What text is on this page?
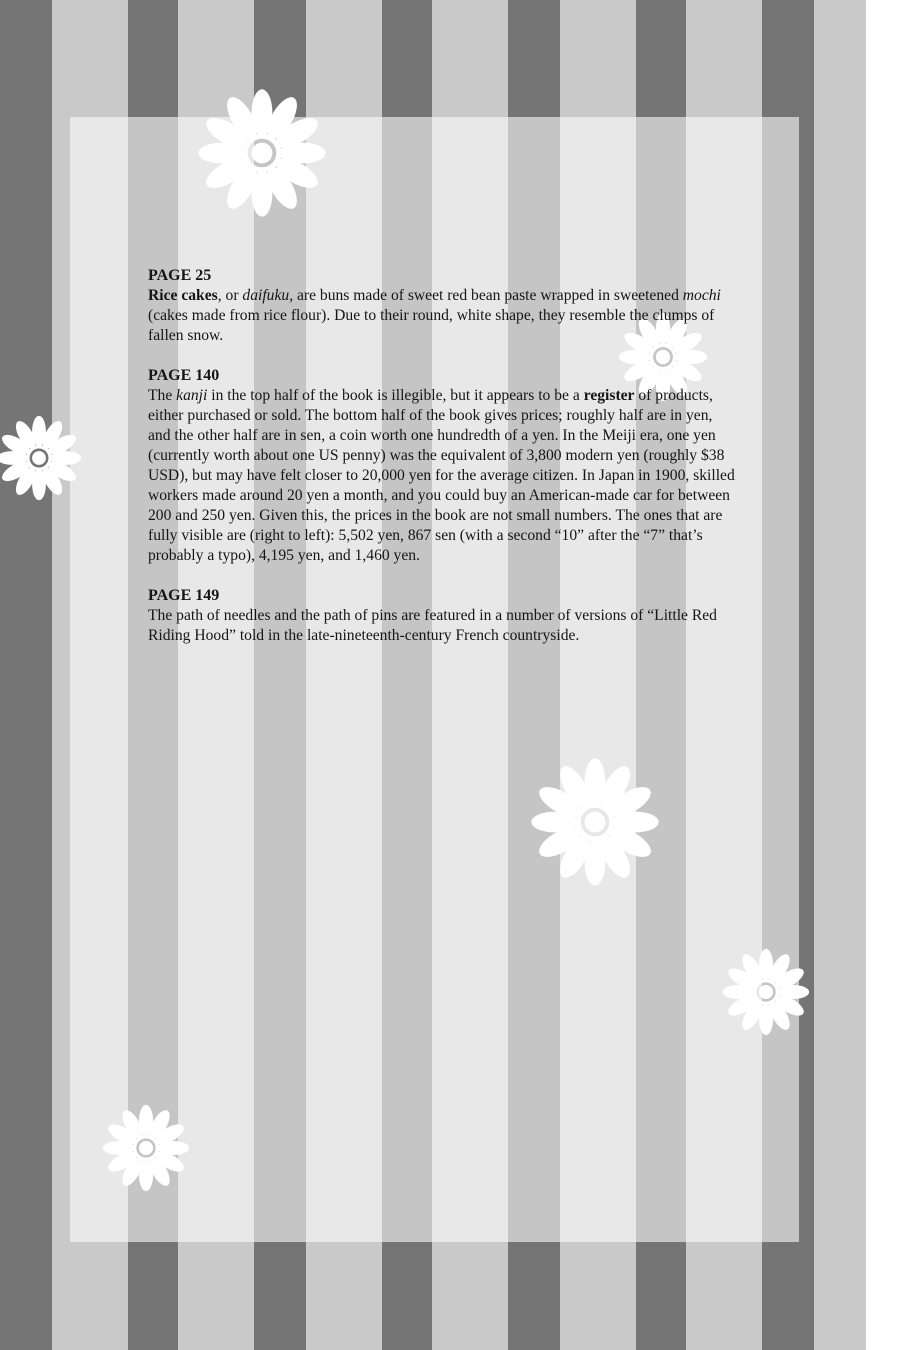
PAGE 25

Rice cakes, or daifuku, are buns made of sweet red bean paste wrapped in sweetened mochi (cakes made from rice flour). Due to their round, white shape, they resemble the clumps of fallen snow.

PAGE 140

The kanji in the top half of the book is illegible, but it appears to be a register of products, either purchased or sold. The bottom half of the book gives prices; roughly half are in yen, and the other half are in sen, a coin worth one hundredth of a yen. In the Meiji era, one yen (currently worth about one US penny) was the equivalent of 3,800 modern yen (roughly $38 USD), but may have felt closer to 20,000 yen for the average citizen. In Japan in 1900, skilled workers made around 20 yen a month, and you could buy an American-made car for between 200 and 250 yen. Given this, the prices in the book are not small numbers. The ones that are fully visible are (right to left): 5,502 yen, 867 sen (with a second “10” after the “7” that’s probably a typo), 4,195 yen, and 1,460 yen.

PAGE 149

The path of needles and the path of pins are featured in a number of versions of “Little Red Riding Hood” told in the late-nineteenth-century French countryside.
